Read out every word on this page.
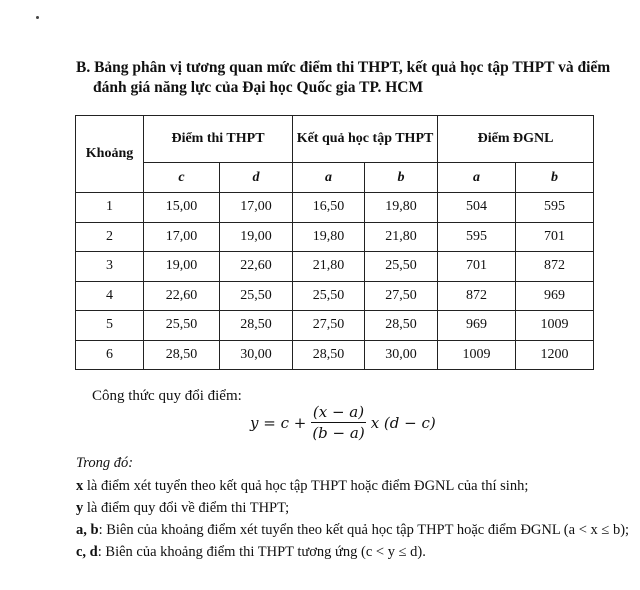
B. Bảng phân vị tương quan mức điểm thi THPT, kết quả học tập THPT và điểm
đánh giá năng lực của Đại học Quốc gia TP. HCM
Khoảng	Điểm thi THPT		Kết quả học tập THPT		Điểm ĐGNL	
	c	d	a	b	a	b
1	15,00	17,00	16,50	19,80	504	595
2	17,00	19,00	19,80	21,80	595	701
3	19,00	22,60	21,80	25,50	701	872
4	22,60	25,50	25,50	27,50	872	969
5	25,50	28,50	27,50	28,50	969	1009
6	28,50	30,00	28,50	30,00	1009	1200
Công thức quy đổi điểm:
$y = c + \frac{(x - a)}{(b - a)}$ x (d − c)
Trong đó:
x là điểm xét tuyển theo kết quả học tập THPT hoặc điểm ĐGNL của thí sinh;
y là điểm quy đổi về điểm thi THPT;
a, b: Biên của khoảng điểm xét tuyển theo kết quả học tập THPT hoặc điểm ĐGNL (a < x ≤ b);
c, d: Biên của khoảng điểm thi THPT tương ứng (c < y ≤ d).
